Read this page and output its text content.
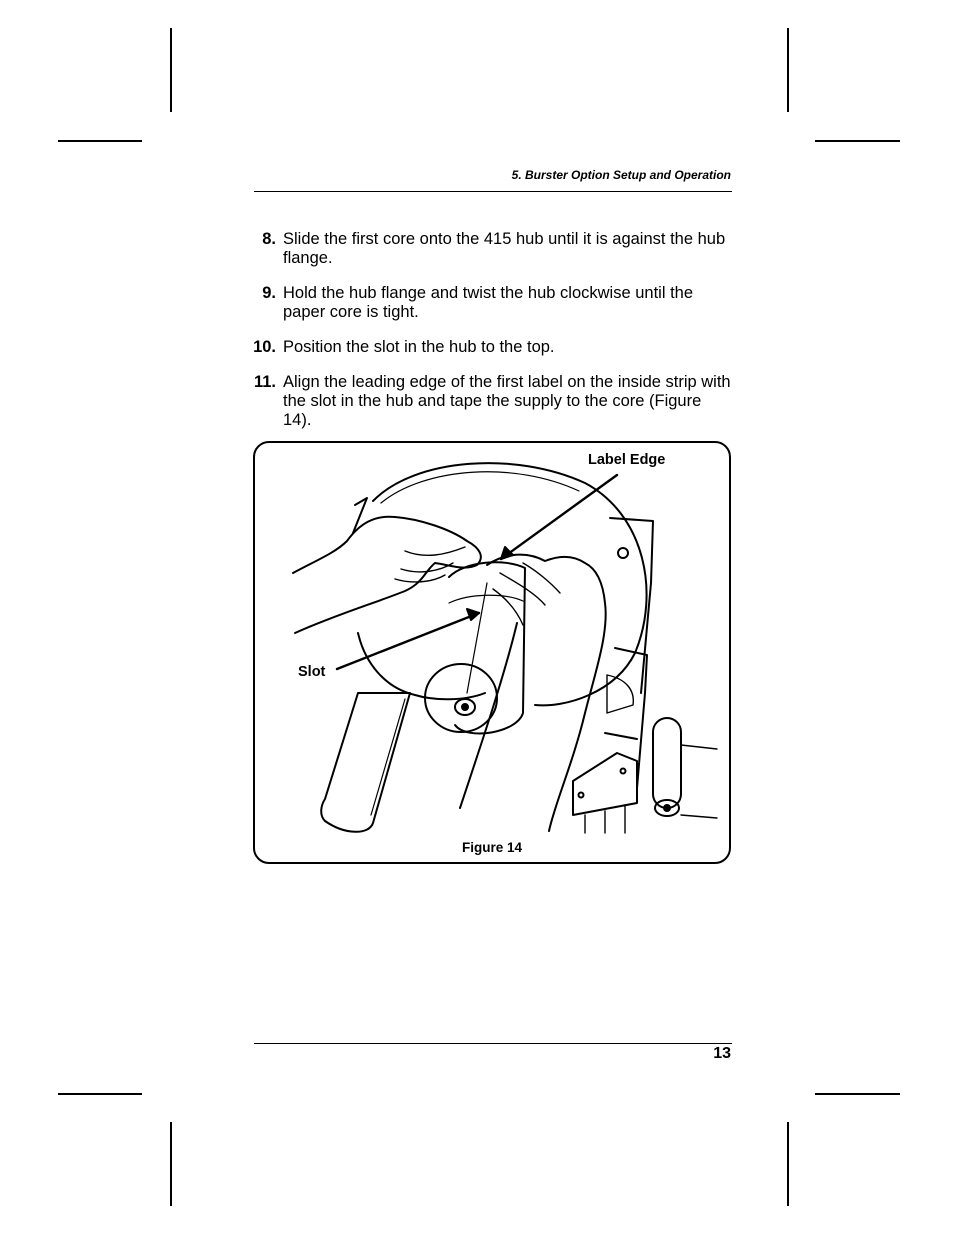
5. Burster Option Setup and Operation
8. Slide the first core onto the 415 hub until it is against the hub flange.
9. Hold the hub flange and twist the hub clockwise until the paper core is tight.
10. Position the slot in the hub to the top.
11. Align the leading edge of the first label on the inside strip with the slot in the hub and tape the supply to the core (Figure 14).
Label Edge
Slot
Figure 14
13
